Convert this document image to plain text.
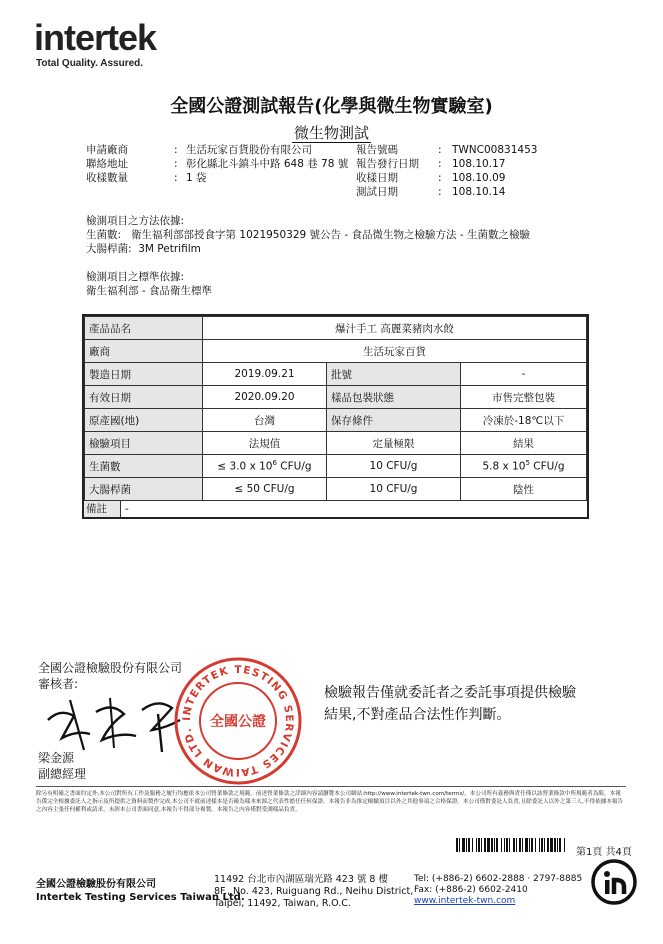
intertek
Total Quality. Assured.
全國公證測試報告(化學與微生物實驗室)
微生物測試
申請廠商	:	生活玩家百貨股份有限公司
聯絡地址	:	彰化縣北斗鎮斗中路 648 巷 78 號
收樣數量	:	1 袋
報告號碼	:	TWNC00831453
報告發行日期	:	108.10.17
收樣日期	:	108.10.09
測試日期	:	108.10.14
檢測項目之方法依據:
生菌數: 衛生福利部部授食字第 1021950329 號公告 - 食品微生物之檢驗方法 - 生菌數之檢驗
大腸桿菌: 3M Petrifilm
檢測項目之標準依據:
衛生福利部 - 食品衛生標準
產品品名	爆汁手工 高麗菜豬肉水餃		
廠商	生活玩家百貨		
製造日期	2019.09.21	批號	-
有效日期	2020.09.20	樣品包裝狀態	市售完整包裝
原產國(地)	台灣	保存條件	冷凍於-18℃以下
檢驗項目	法規值	定量極限	結果
生菌數	≤ 3.0 x $10^6$ CFU/g	10 CFU/g	5.8 x $10^5$ CFU/g
大腸桿菌	≤ 50 CFU/g	10 CFU/g	陰性
備註	-
全國公證檢驗股份有限公司
審核者:
INTERTEK TESTING SERVICES TAIWAN LTD.	全國公證
檢驗報告僅就委託者之委託事項提供檢驗
結果,不對產品合法性作判斷。
梁金源
副總經理
除另有明確之書面約定外,本公司對所有工作及服務之履行均應依本公司營業條款之規範。前述營業條款之詳細內容請瀏覽本公司網站:http://www.intertek-twn.com/terms/。本公司所有義務與責任僅以該營業條款中所規範者為限。本報告係完全根據委託人之指示及所提供之資料而製作完成,本公司不就前述樣本是否確為樣本來源之代表性擔任任何保證。本報告非為推定檢驗項目以外之其他事項之合格保證。本公司僅對委託人負責,且除委託人以外之第三人,不得依據本報告之內容主張任何權利或請求。未經本公司書面同意,本報告不得部分複製。本報告之內容僅對受測樣品負責。
第1頁 共4頁
全國公證檢驗股份有限公司
Intertek Testing Services Taiwan Ltd.
11492 台北市內湖區瑞光路 423 號 8 樓
8F., No. 423, Ruiguang Rd., Neihu District,
Taipei, 11492, Taiwan, R.O.C.
Tel: (+886-2) 6602-2888 · 2797-8885
Fax: (+886-2) 6602-2410
www.intertek-twn.com
